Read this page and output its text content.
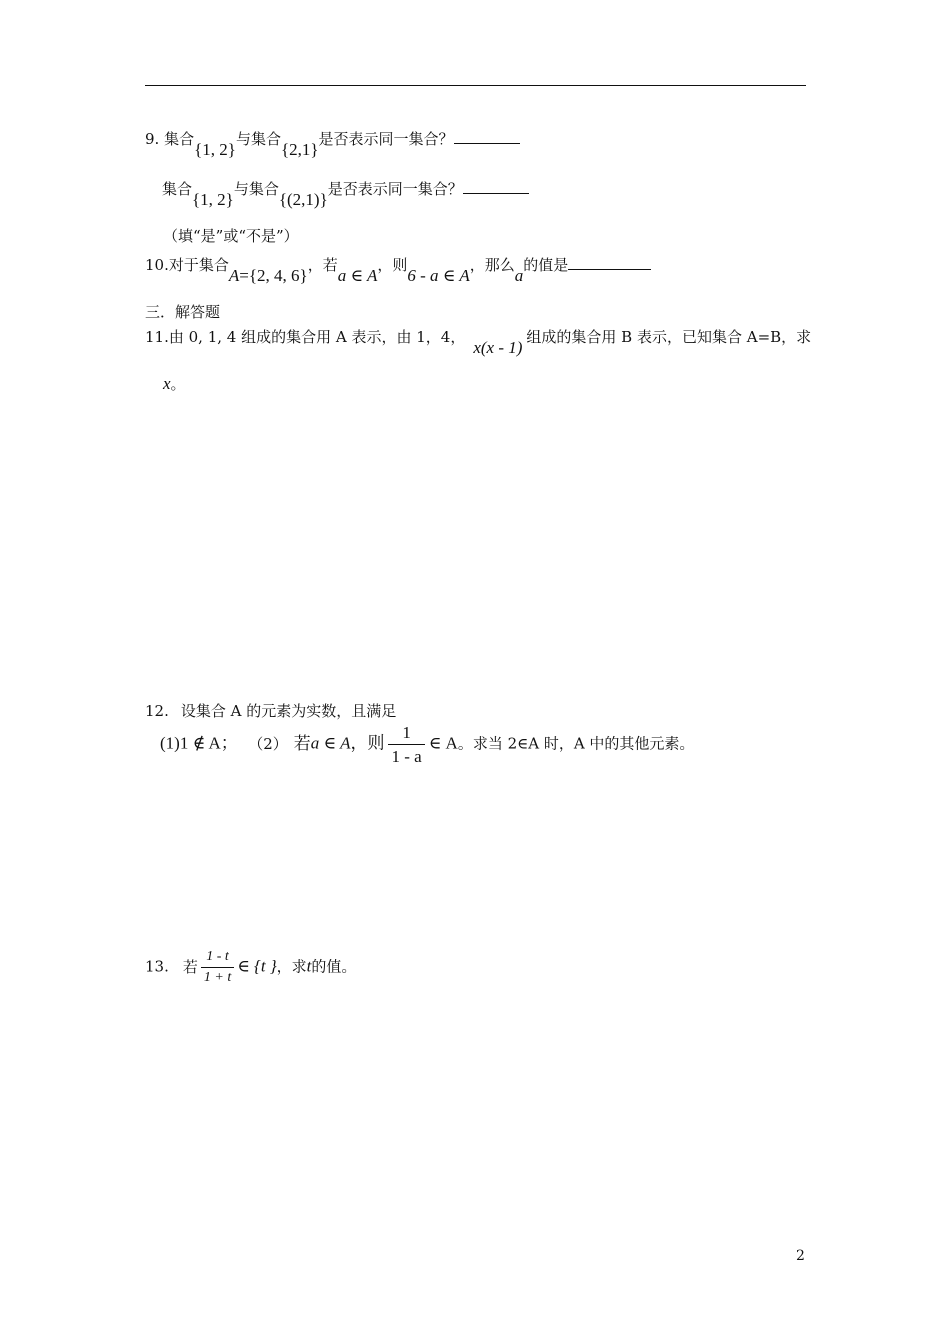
9. 集合{1, 2}与集合{2,1}是否表示同一集合？
集合{1, 2}与集合{(2,1)}是否表示同一集合？
（填“是”或“不是”）
10.对于集合A={2, 4, 6}，若a ∈ A，则6 - a ∈ A，那么a的值是
三．解答题
11.由 0, 1, 4 组成的集合用 A 表示，由 1，4，x(x - 1)组成的集合用 B 表示，已知集合 A=B，求
x。
12. 设集合 A 的元素为实数，且满足
(1)1 ∉ A； （2） 若a ∈ A，则 $\frac{1}{1 - a}$ ∈ A。求当 2∈A 时，A 中的其他元素。
13. 若 $\frac{1 - t}{1 + t}$ ∈ {t }，求t的值。
2
